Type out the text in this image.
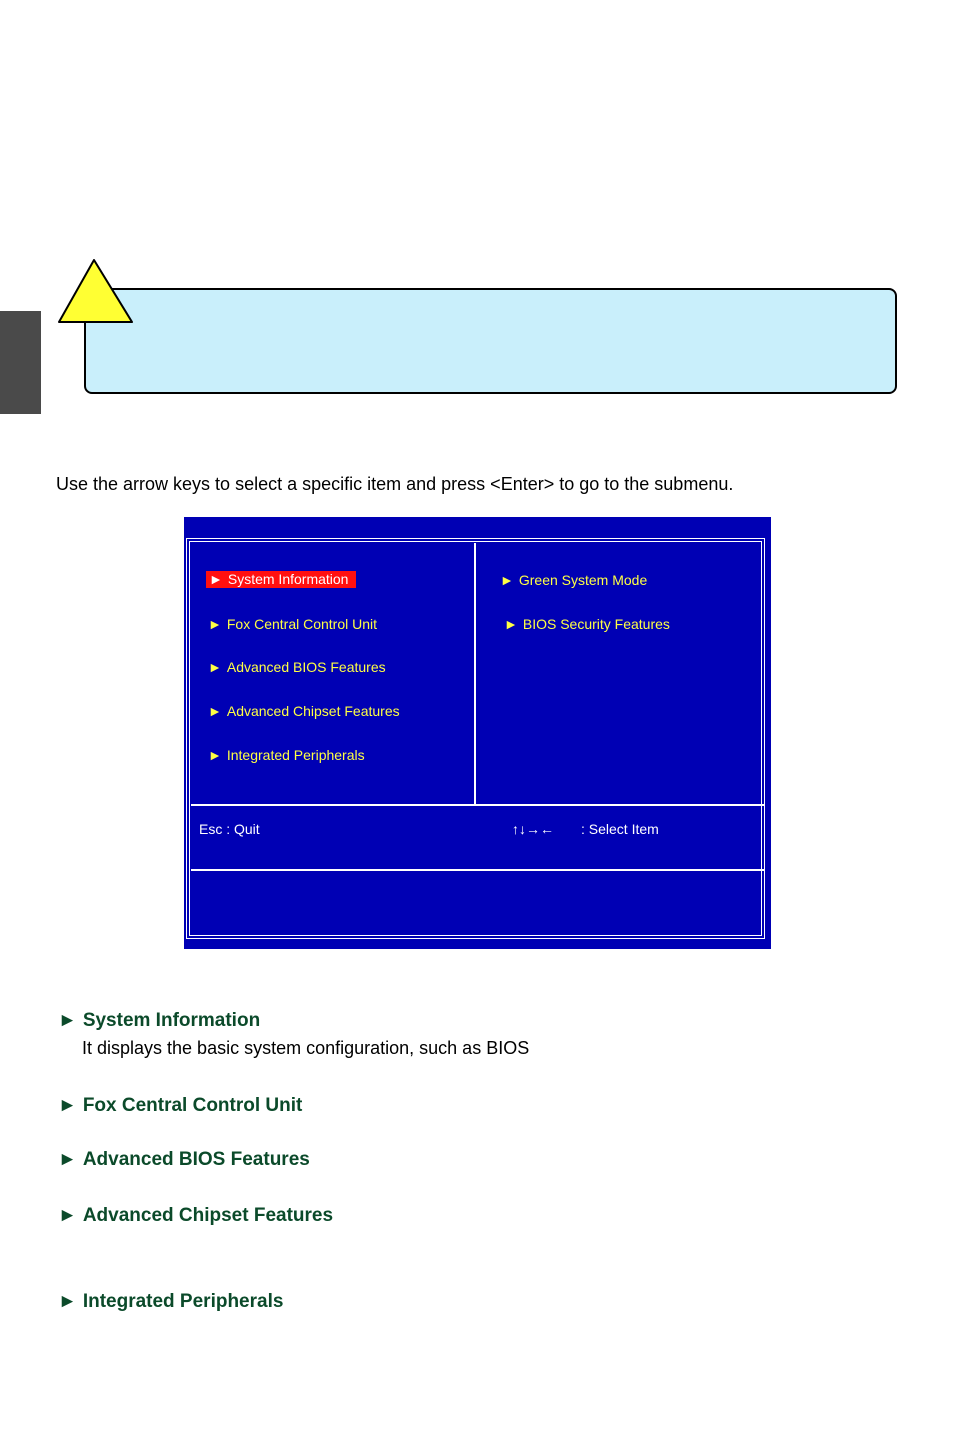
Use the arrow keys to select a specific item and press <Enter> to go to the submenu.
► System Information
► Fox Central Control Unit
► Advanced BIOS Features
► Advanced Chipset Features
► Integrated Peripherals
► Green System Mode
► BIOS Security Features
Esc : Quit	↑↓→← : Select Item
► System Information
It displays the basic system configuration, such as BIOS
► Fox Central Control Unit
► Advanced BIOS Features
► Advanced Chipset Features
► Integrated Peripherals
